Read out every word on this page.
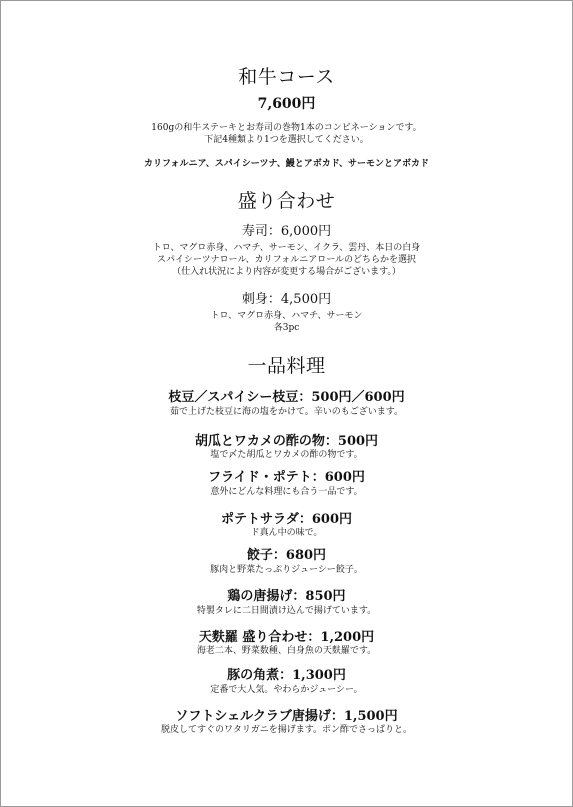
和牛コース
7,600円
160gの和牛ステーキとお寿司の巻物1本のコンビネーションです。
下記4種類より1つを選択してください。
カリフォルニア、スパイシーツナ、鰻とアボカド、サーモンとアボカド
盛り合わせ
寿司：6,000円
トロ、マグロ赤身、ハマチ、サーモン、イクラ、雲丹、本日の白身
スパイシーツナロール、カリフォルニアロールのどちらかを選択
（仕入れ状況により内容が変更する場合がございます。）
刺身：4,500円
トロ、マグロ赤身、ハマチ、サーモン
各3pc
一品料理
枝豆／スパイシー枝豆：500円／600円
茹で上げた枝豆に海の塩をかけて。辛いのもございます。
胡瓜とワカメの酢の物：500円
塩で〆た胡瓜とワカメの酢の物です。
フライド・ポテト：600円
意外にどんな料理にも合う一品です。
ポテトサラダ：600円
ド真ん中の味で。
餃子：680円
豚肉と野菜たっぷりジューシー餃子。
鶏の唐揚げ：850円
特製タレに二日間漬け込んで揚げています。
天麩羅 盛り合わせ：1,200円
海老二本、野菜数種、白身魚の天麩羅です。
豚の角煮：1,300円
定番で大人気。やわらかジューシー。
ソフトシェルクラブ唐揚げ：1,500円
脱皮してすぐのワタリガニを揚げます。ポン酢でさっぱりと。
